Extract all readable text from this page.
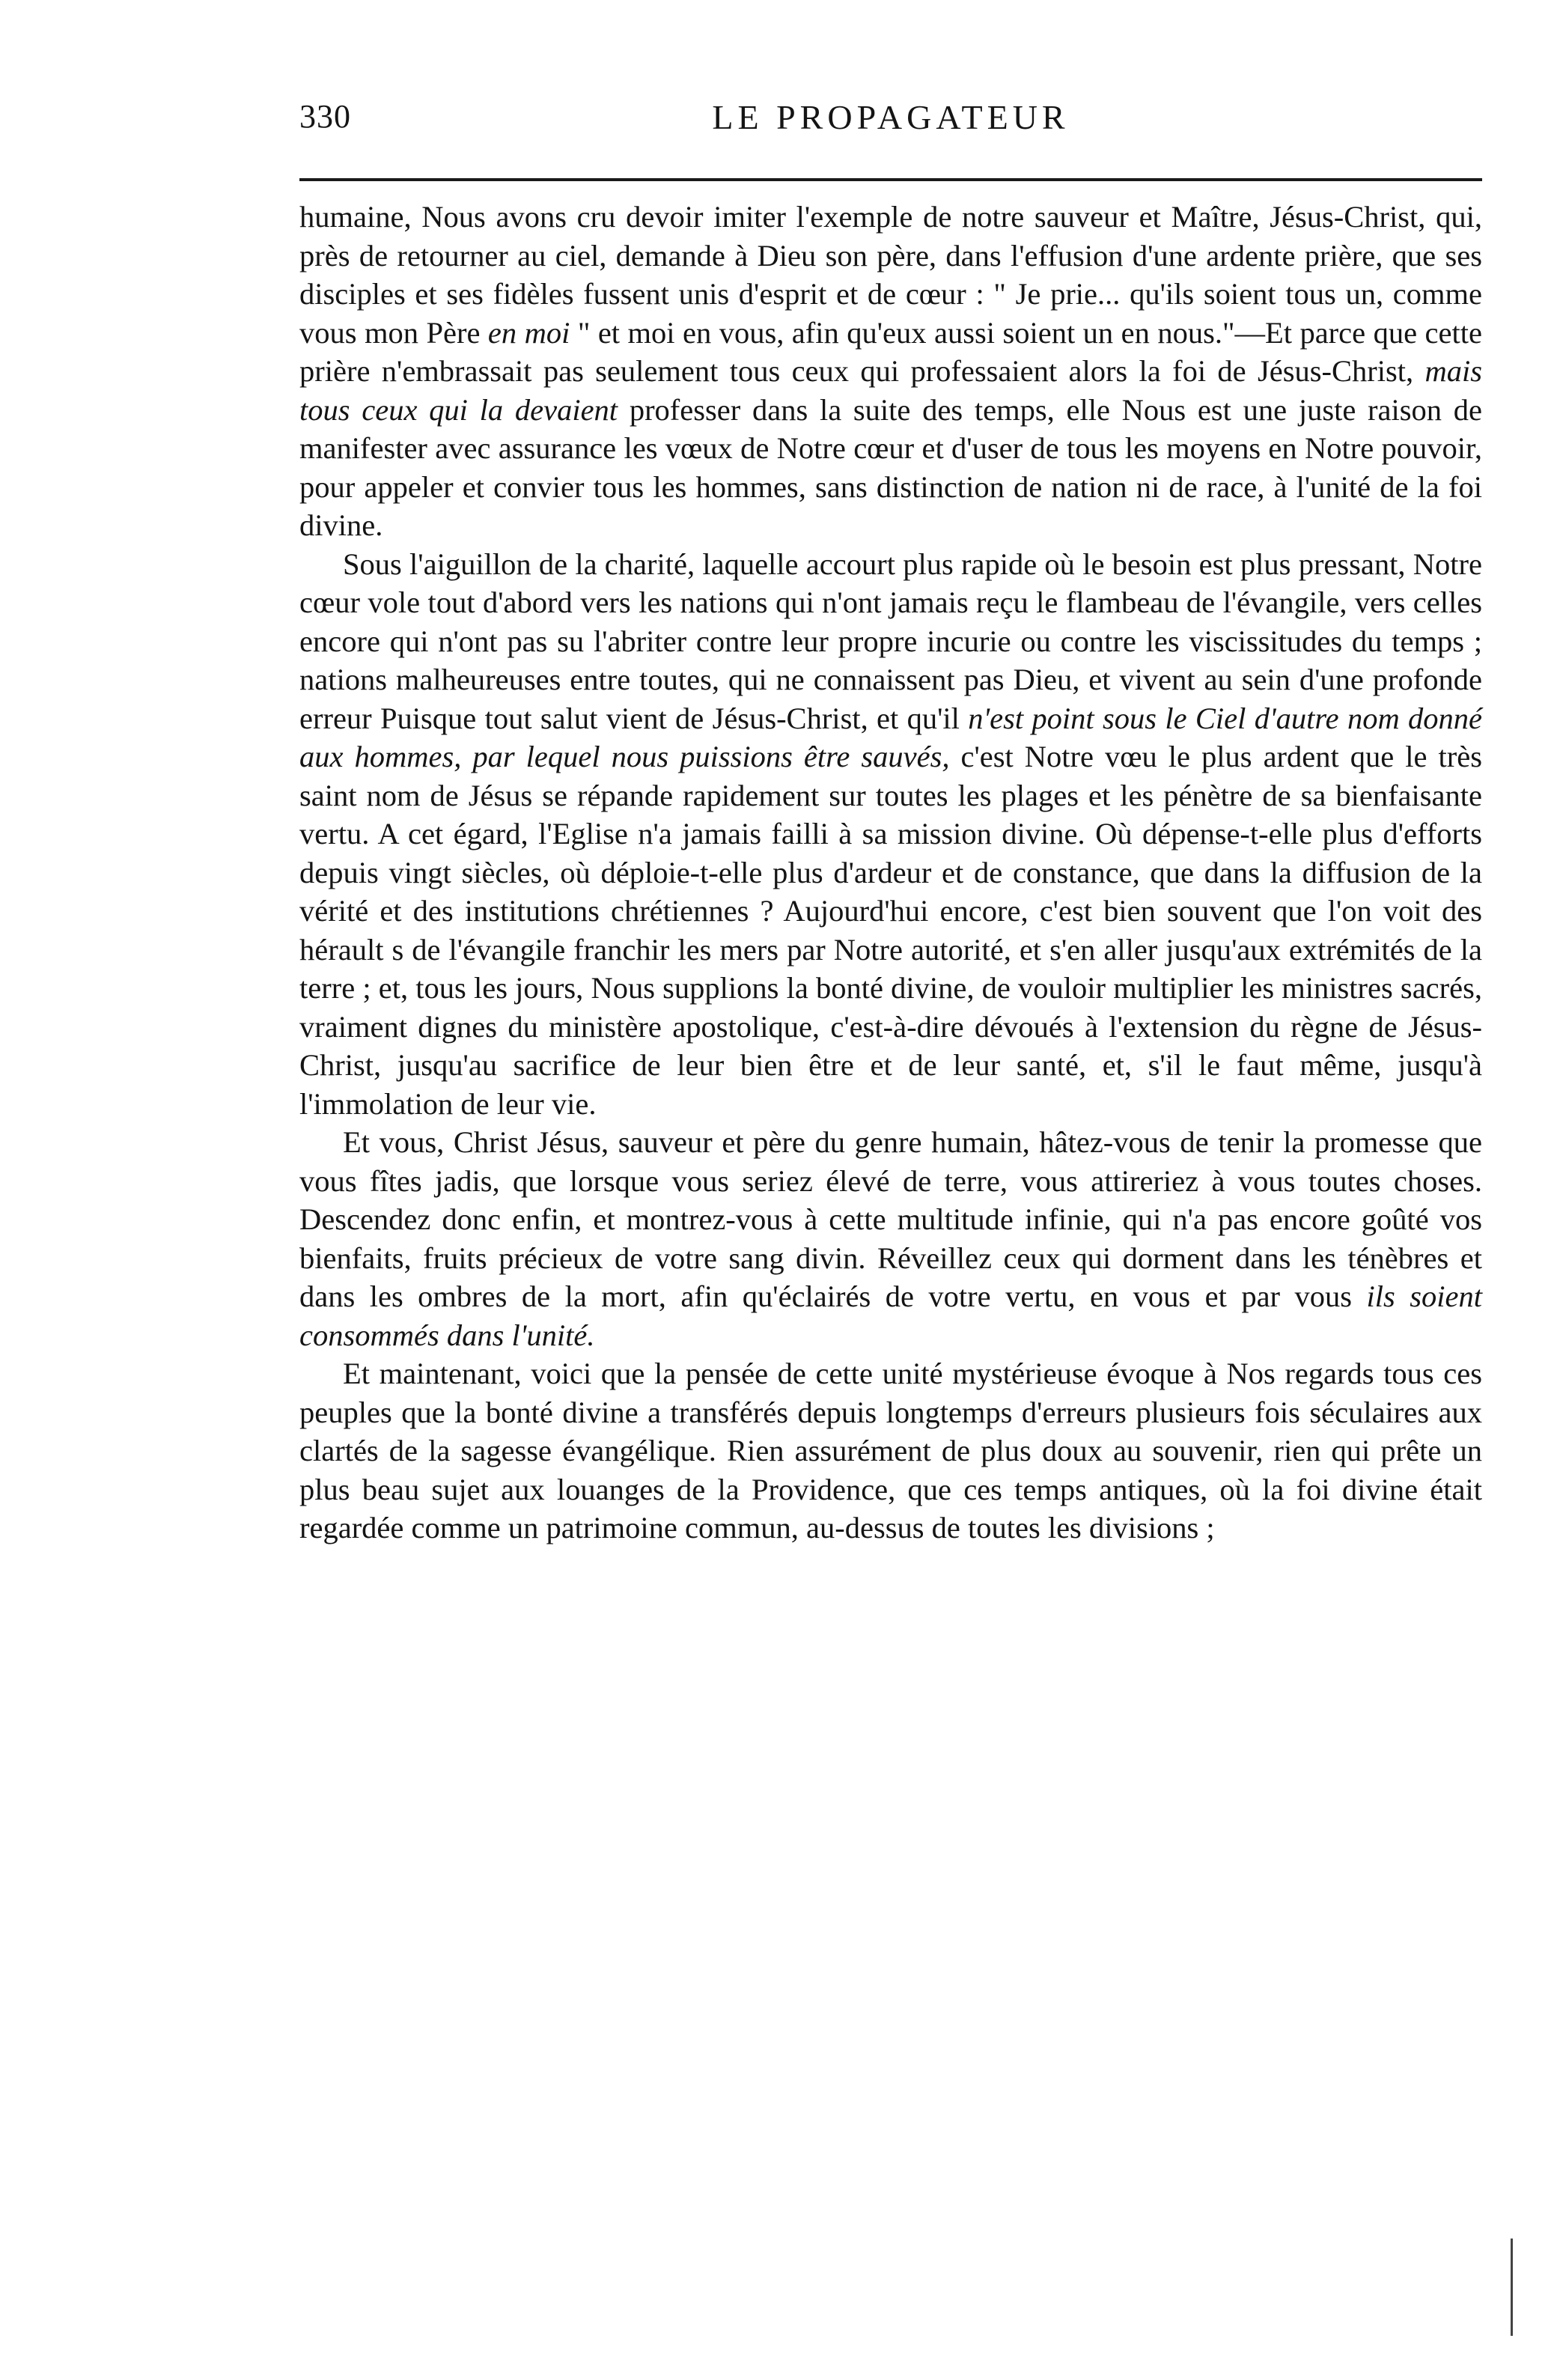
330	LE PROPAGATEUR

humaine, Nous avons cru devoir imiter l'exemple de notre sauveur et Maître, Jésus-Christ, qui, près de retourner au ciel, demande à Dieu son père, dans l'effusion d'une ardente prière, que ses disciples et ses fidèles fussent unis d'esprit et de cœur : " Je prie... qu'ils soient tous un, comme vous mon Père en moi " et moi en vous, afin qu'eux aussi soient un en nous."—Et parce que cette prière n'embrassait pas seulement tous ceux qui professaient alors la foi de Jésus-Christ, mais tous ceux qui la devaient professer dans la suite des temps, elle Nous est une juste raison de manifester avec assurance les vœux de Notre cœur et d'user de tous les moyens en Notre pouvoir, pour appeler et convier tous les hommes, sans distinction de nation ni de race, à l'unité de la foi divine.

Sous l'aiguillon de la charité, laquelle accourt plus rapide où le besoin est plus pressant, Notre cœur vole tout d'abord vers les nations qui n'ont jamais reçu le flambeau de l'évangile, vers celles encore qui n'ont pas su l'abriter contre leur propre incurie ou contre les viscissitudes du temps ; nations malheureuses entre toutes, qui ne connaissent pas Dieu, et vivent au sein d'une profonde erreur Puisque tout salut vient de Jésus-Christ, et qu'il n'est point sous le Ciel d'autre nom donné aux hommes, par lequel nous puissions être sauvés, c'est Notre vœu le plus ardent que le très saint nom de Jésus se répande rapidement sur toutes les plages et les pénètre de sa bienfaisante vertu. A cet égard, l'Eglise n'a jamais failli à sa mission divine. Où dépense-t-elle plus d'efforts depuis vingt siècles, où déploie-t-elle plus d'ardeur et de constance, que dans la diffusion de la vérité et des institutions chrétiennes ? Aujourd'hui encore, c'est bien souvent que l'on voit des hérault s de l'évangile franchir les mers par Notre autorité, et s'en aller jusqu'aux extrémités de la terre ; et, tous les jours, Nous supplions la bonté divine, de vouloir multiplier les ministres sacrés, vraiment dignes du ministère apostolique, c'est-à-dire dévoués à l'extension du règne de Jésus-Christ, jusqu'au sacrifice de leur bien être et de leur santé, et, s'il le faut même, jusqu'à l'immolation de leur vie.

Et vous, Christ Jésus, sauveur et père du genre humain, hâtez-vous de tenir la promesse que vous fîtes jadis, que lorsque vous seriez élevé de terre, vous attireriez à vous toutes choses. Descendez donc enfin, et montrez-vous à cette multitude infinie, qui n'a pas encore goûté vos bienfaits, fruits précieux de votre sang divin. Réveillez ceux qui dorment dans les ténèbres et dans les ombres de la mort, afin qu'éclairés de votre vertu, en vous et par vous ils soient consommés dans l'unité.

Et maintenant, voici que la pensée de cette unité mystérieuse évoque à Nos regards tous ces peuples que la bonté divine a transférés depuis longtemps d'erreurs plusieurs fois séculaires aux clartés de la sagesse évangélique. Rien assurément de plus doux au souvenir, rien qui prête un plus beau sujet aux louanges de la Providence, que ces temps antiques, où la foi divine était regardée comme un patrimoine commun, au-dessus de toutes les divisions ;
